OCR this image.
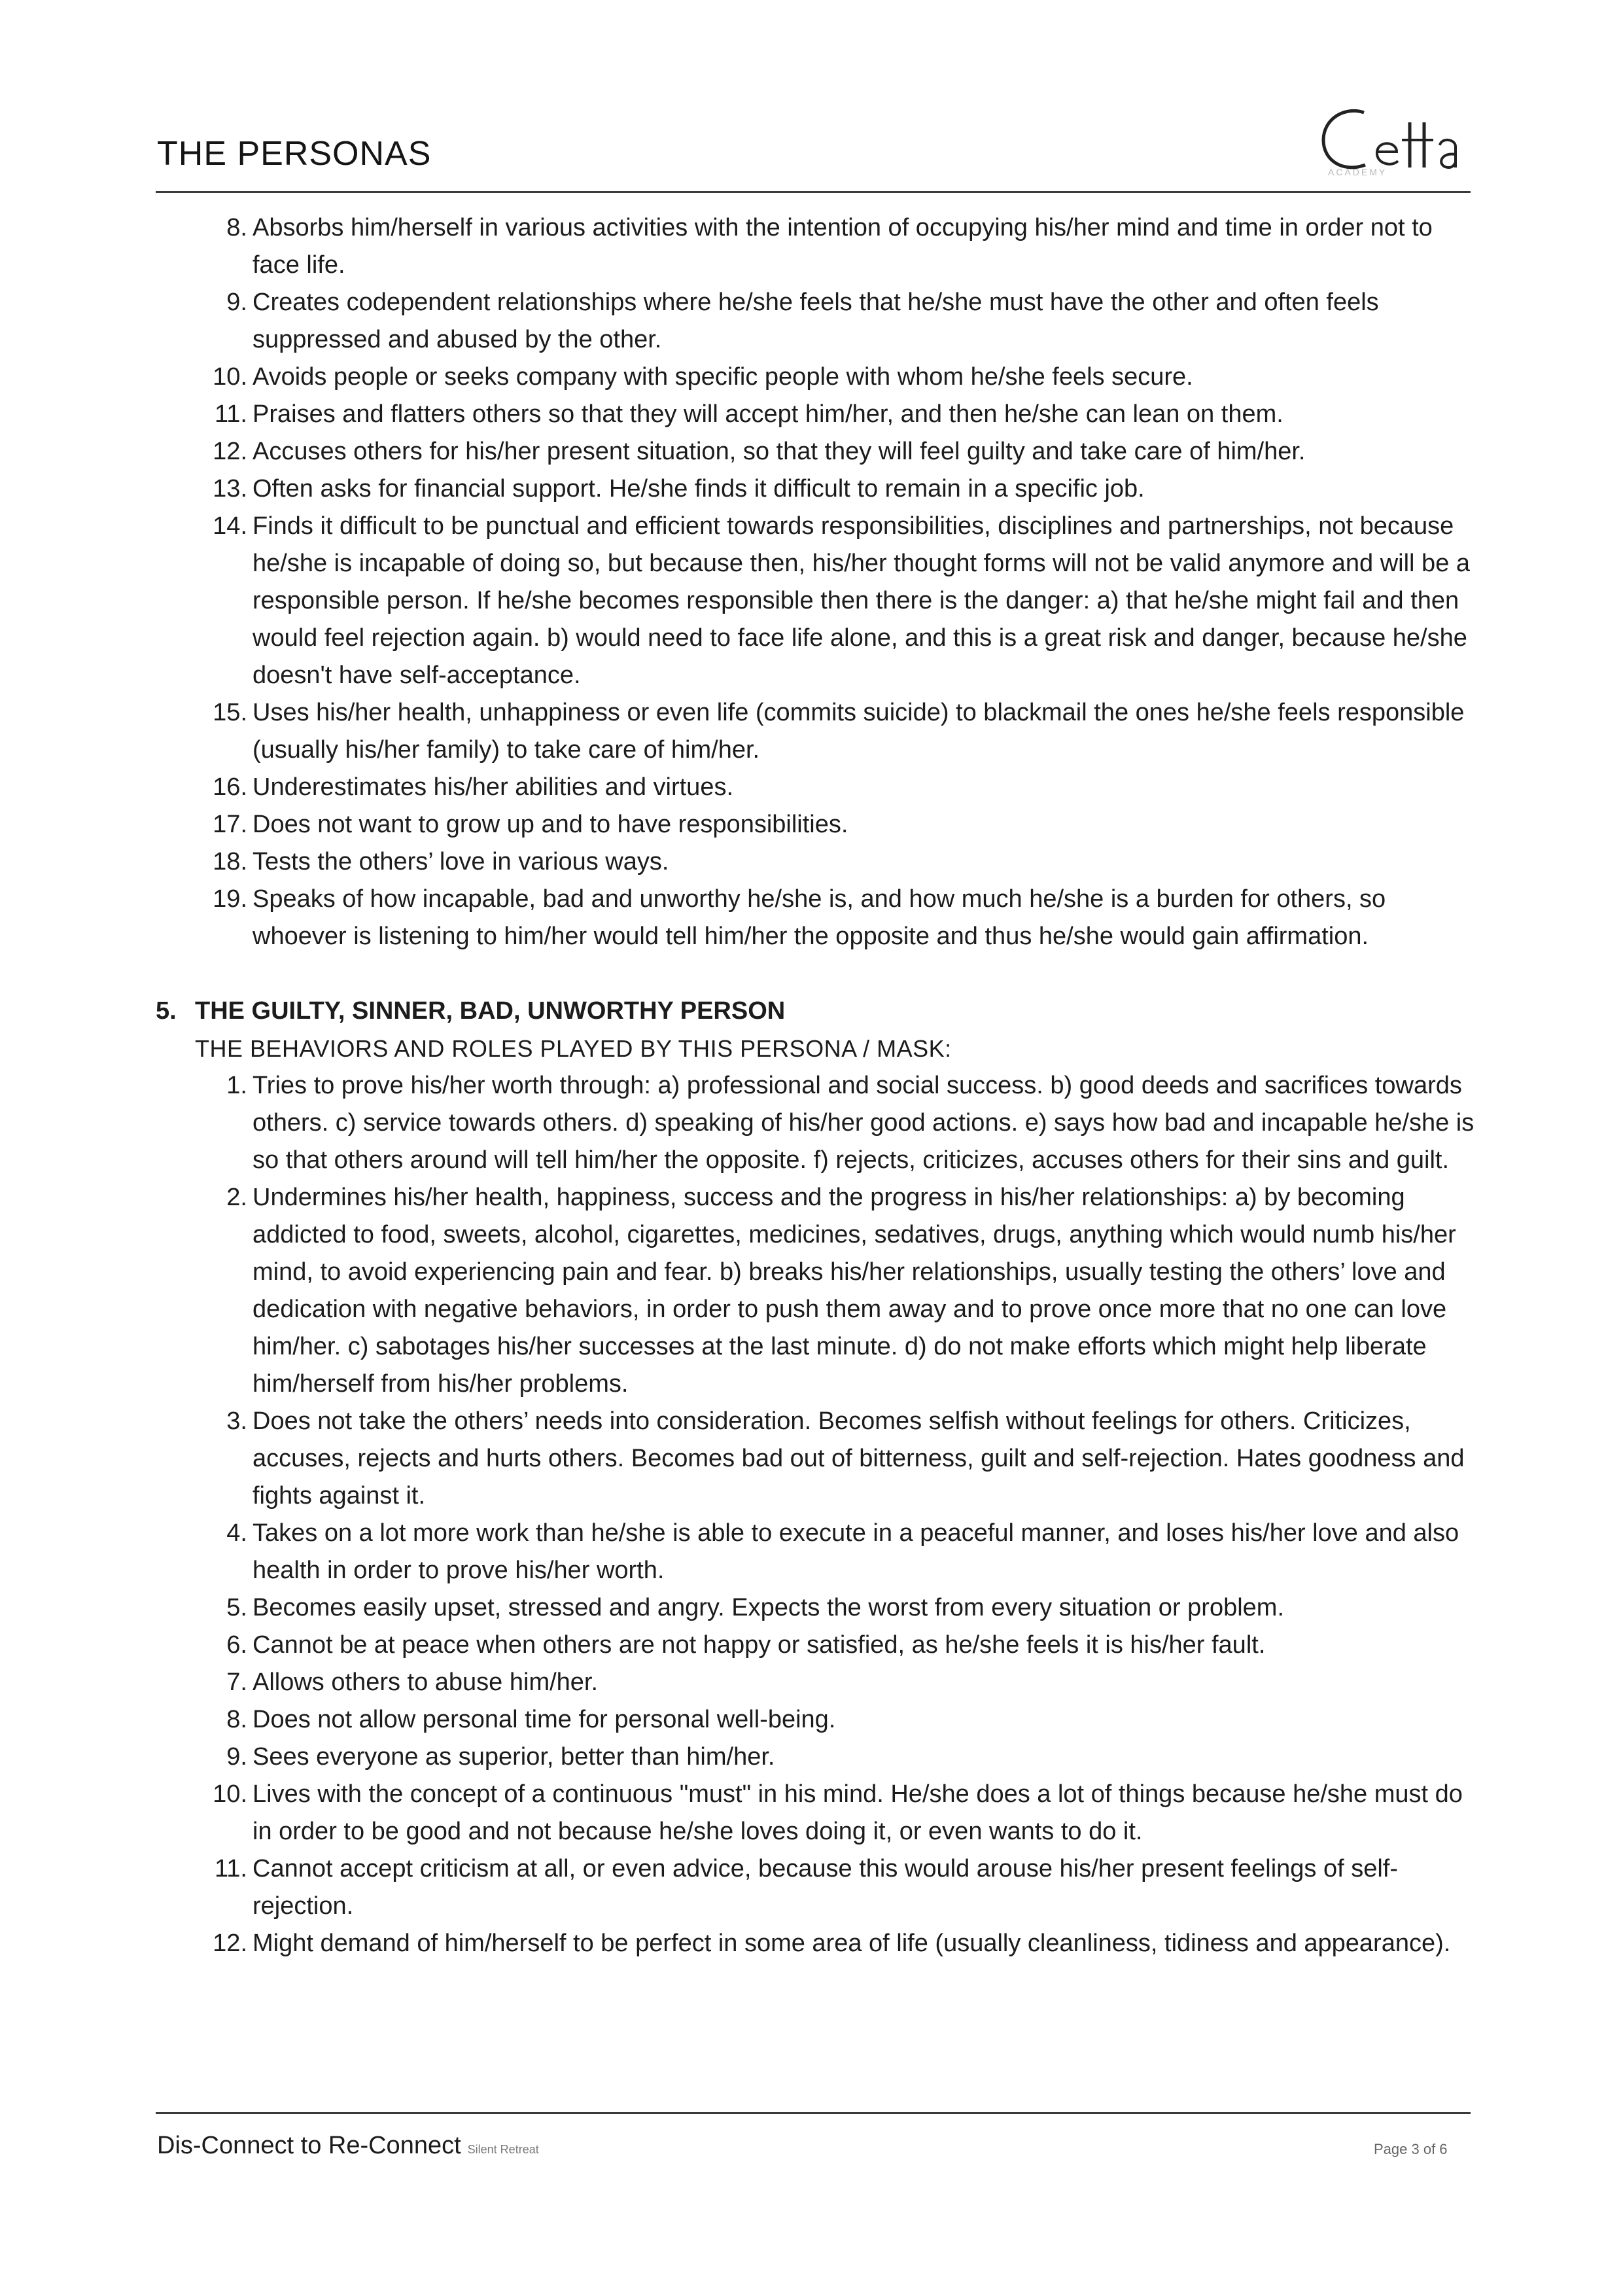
THE PERSONAS	ACADEMY
8. Absorbs him/herself in various activities with the intention of occupying his/her mind and time in order not to face life.
9. Creates codependent relationships where he/she feels that he/she must have the other and often feels suppressed and abused by the other.
10. Avoids people or seeks company with specific people with whom he/she feels secure.
11. Praises and flatters others so that they will accept him/her, and then he/she can lean on them.
12. Accuses others for his/her present situation, so that they will feel guilty and take care of him/her.
13. Often asks for financial support. He/she finds it difficult to remain in a specific job.
14. Finds it difficult to be punctual and efficient towards responsibilities, disciplines and partnerships, not because he/she is incapable of doing so, but because then, his/her thought forms will not be valid anymore and will be a responsible person. If he/she becomes responsible then there is the danger: a) that he/she might fail and then would feel rejection again. b) would need to face life alone, and this is a great risk and danger, because he/she doesn't have self-acceptance.
15. Uses his/her health, unhappiness or even life (commits suicide) to blackmail the ones he/she feels responsible (usually his/her family) to take care of him/her.
16. Underestimates his/her abilities and virtues.
17. Does not want to grow up and to have responsibilities.
18. Tests the others’ love in various ways.
19. Speaks of how incapable, bad and unworthy he/she is, and how much he/she is a burden for others, so whoever is listening to him/her would tell him/her the opposite and thus he/she would gain affirmation.
5. THE GUILTY, SINNER, BAD, UNWORTHY PERSON
THE BEHAVIORS AND ROLES PLAYED BY THIS PERSONA / MASK:
1. Tries to prove his/her worth through: a) professional and social success. b) good deeds and sacrifices towards others. c) service towards others. d) speaking of his/her good actions. e) says how bad and incapable he/she is so that others around will tell him/her the opposite. f) rejects, criticizes, accuses others for their sins and guilt.
2. Undermines his/her health, happiness, success and the progress in his/her relationships: a) by becoming addicted to food, sweets, alcohol, cigarettes, medicines, sedatives, drugs, anything which would numb his/her mind, to avoid experiencing pain and fear. b) breaks his/her relationships, usually testing the others’ love and dedication with negative behaviors, in order to push them away and to prove once more that no one can love him/her. c) sabotages his/her successes at the last minute. d) do not make efforts which might help liberate him/herself from his/her problems.
3. Does not take the others’ needs into consideration. Becomes selfish without feelings for others. Criticizes, accuses, rejects and hurts others. Becomes bad out of bitterness, guilt and self-rejection. Hates goodness and fights against it.
4. Takes on a lot more work than he/she is able to execute in a peaceful manner, and loses his/her love and also health in order to prove his/her worth.
5. Becomes easily upset, stressed and angry. Expects the worst from every situation or problem.
6. Cannot be at peace when others are not happy or satisfied, as he/she feels it is his/her fault.
7. Allows others to abuse him/her.
8. Does not allow personal time for personal well-being.
9. Sees everyone as superior, better than him/her.
10. Lives with the concept of a continuous "must" in his mind. He/she does a lot of things because he/she must do in order to be good and not because he/she loves doing it, or even wants to do it.
11. Cannot accept criticism at all, or even advice, because this would arouse his/her present feelings of self-rejection.
12. Might demand of him/herself to be perfect in some area of life (usually cleanliness, tidiness and appearance).
Dis-Connect to Re-Connect Silent Retreat	Page 3 of 6
